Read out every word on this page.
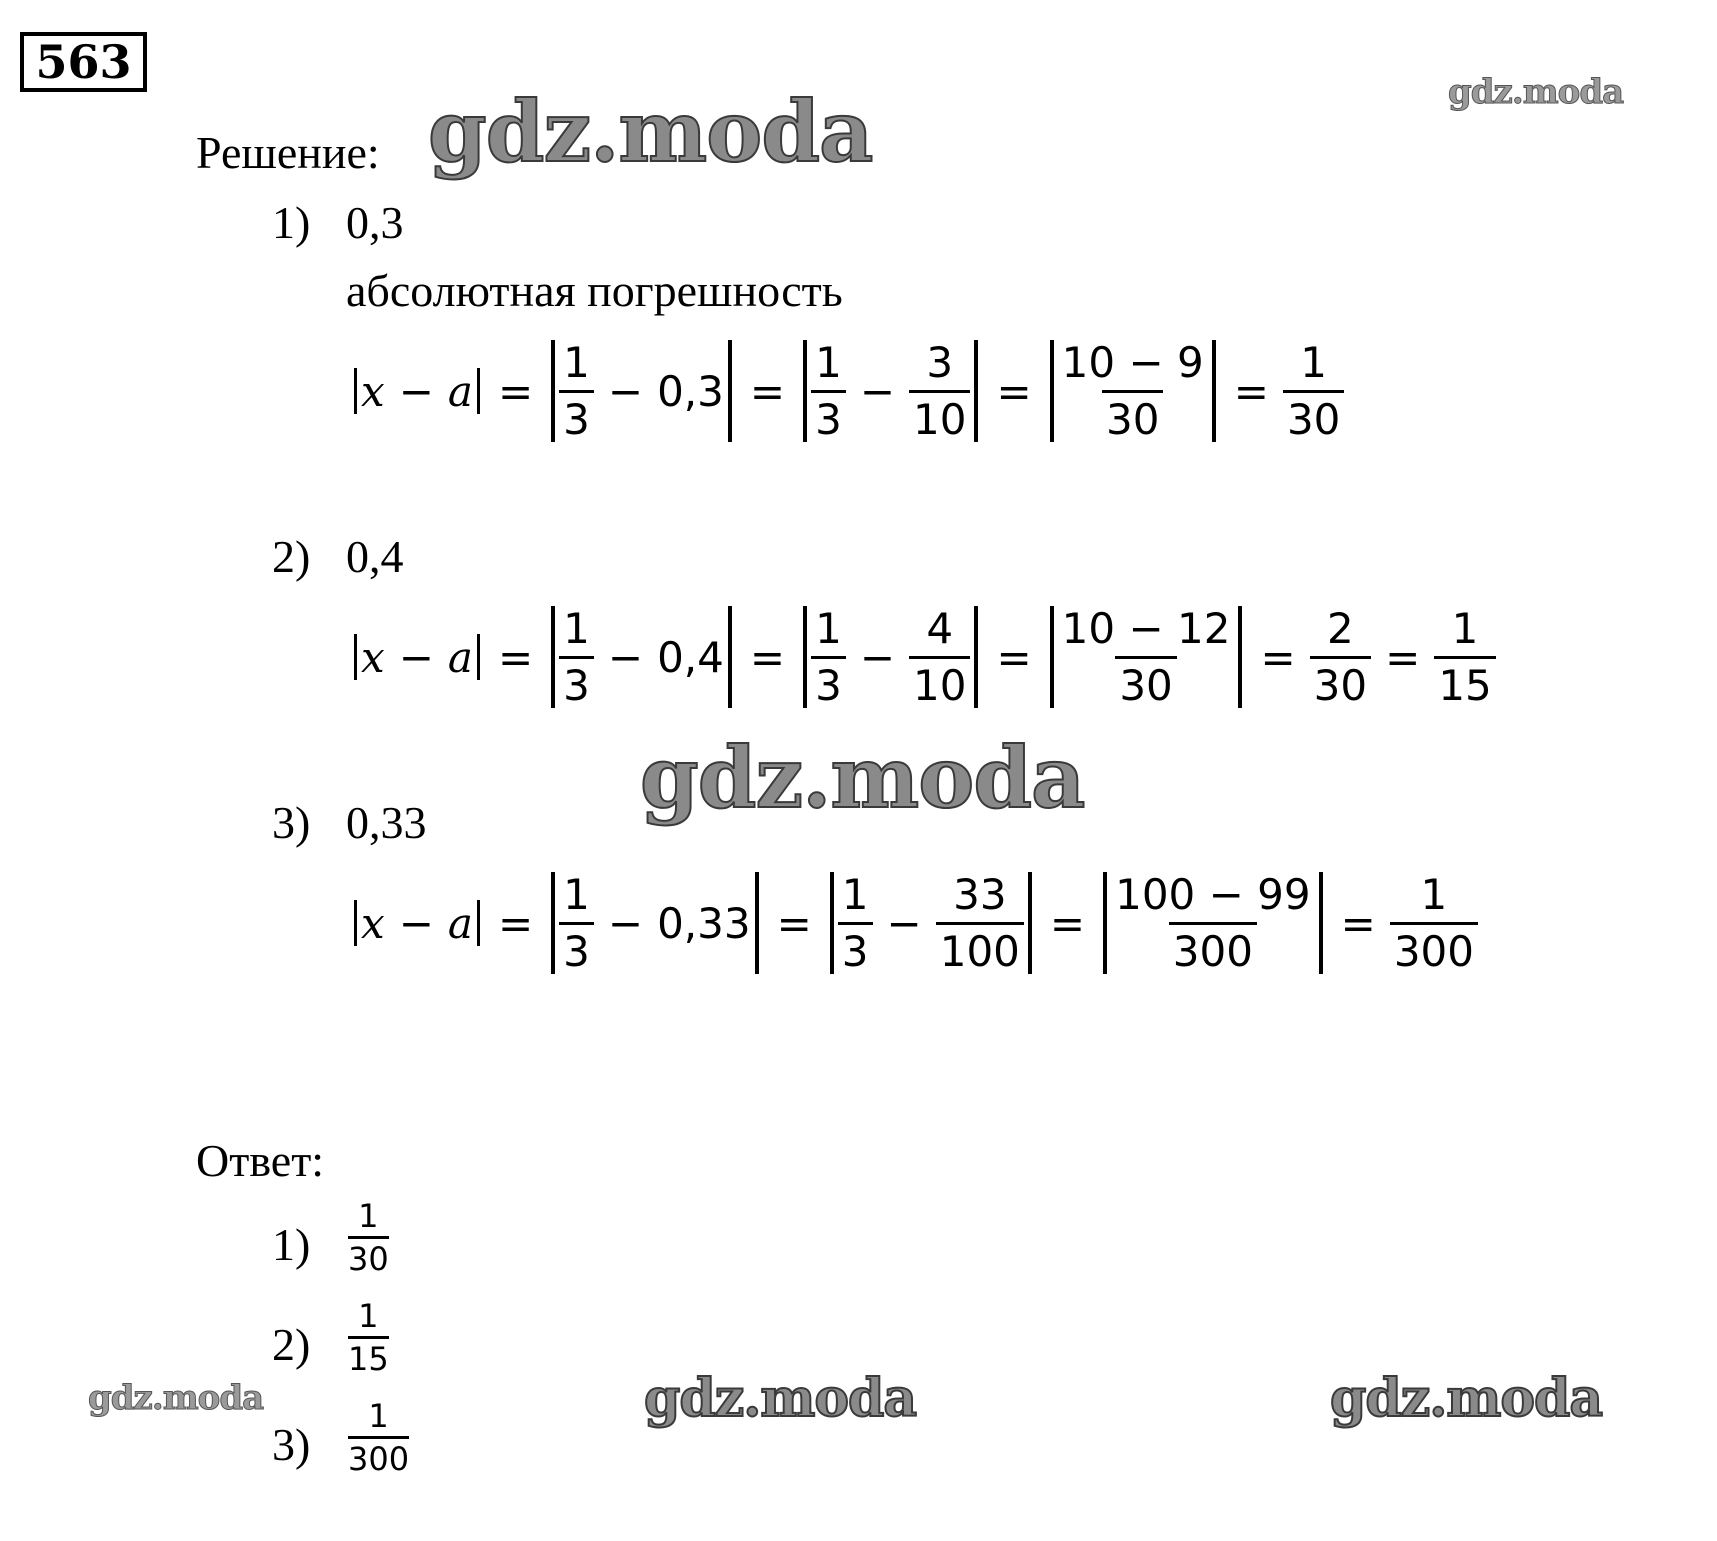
563
gdz.moda
Решение: gdz.moda
1) 0,3
абсолютная погрешность
$x - a = \frac{1}{3} - 0,3 = \frac{1}{3} - \frac{3}{10} = \frac{10 - 9}{30} = \frac{1}{30}$
2) 0,4
$x - a = \frac{1}{3} - 0,4 = \frac{1}{3} - \frac{4}{10} = \frac{10 - 12}{30} = \frac{2}{30} = \frac{1}{15}$
gdz.moda
3) 0,33
$x - a = \frac{1}{3} - 0,33 = \frac{1}{3} - \frac{33}{100} = \frac{100 - 99}{300} = \frac{1}{300}$
Ответ:
$1) \frac{1}{30}$
$2) \frac{1}{15}$
$3) \frac{1}{300}$
gdz.moda	gdz.moda	gdz.moda
